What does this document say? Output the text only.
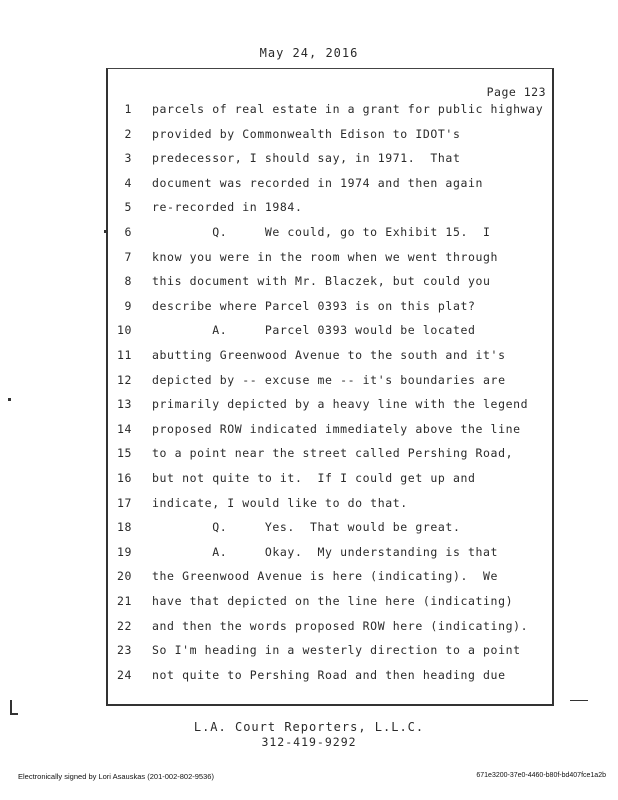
May 24, 2016
Page 123
1 parcels of real estate in a grant for public highway
2 provided by Commonwealth Edison to IDOT's
3 predecessor, I should say, in 1971.  That
4 document was recorded in 1974 and then again
5 re-recorded in 1984.
6 Q.     We could, go to Exhibit 15.  I
7 know you were in the room when we went through
8 this document with Mr. Blaczek, but could you
9 describe where Parcel 0393 is on this plat?
10 A.     Parcel 0393 would be located
11 abutting Greenwood Avenue to the south and it's
12 depicted by -- excuse me -- it's boundaries are
13 primarily depicted by a heavy line with the legend
14 proposed ROW indicated immediately above the line
15 to a point near the street called Pershing Road,
16 but not quite to it.  If I could get up and
17 indicate, I would like to do that.
18 Q.     Yes.  That would be great.
19 A.     Okay.  My understanding is that
20 the Greenwood Avenue is here (indicating).  We
21 have that depicted on the line here (indicating)
22 and then the words proposed ROW here (indicating).
23 So I'm heading in a westerly direction to a point
24 not quite to Pershing Road and then heading due
L.A. Court Reporters, L.L.C.
312-419-9292
Electronically signed by Lori Asauskas (201-002-802-9536)	671e3200-37e0-4460-b80f-bd407fce1a2b
